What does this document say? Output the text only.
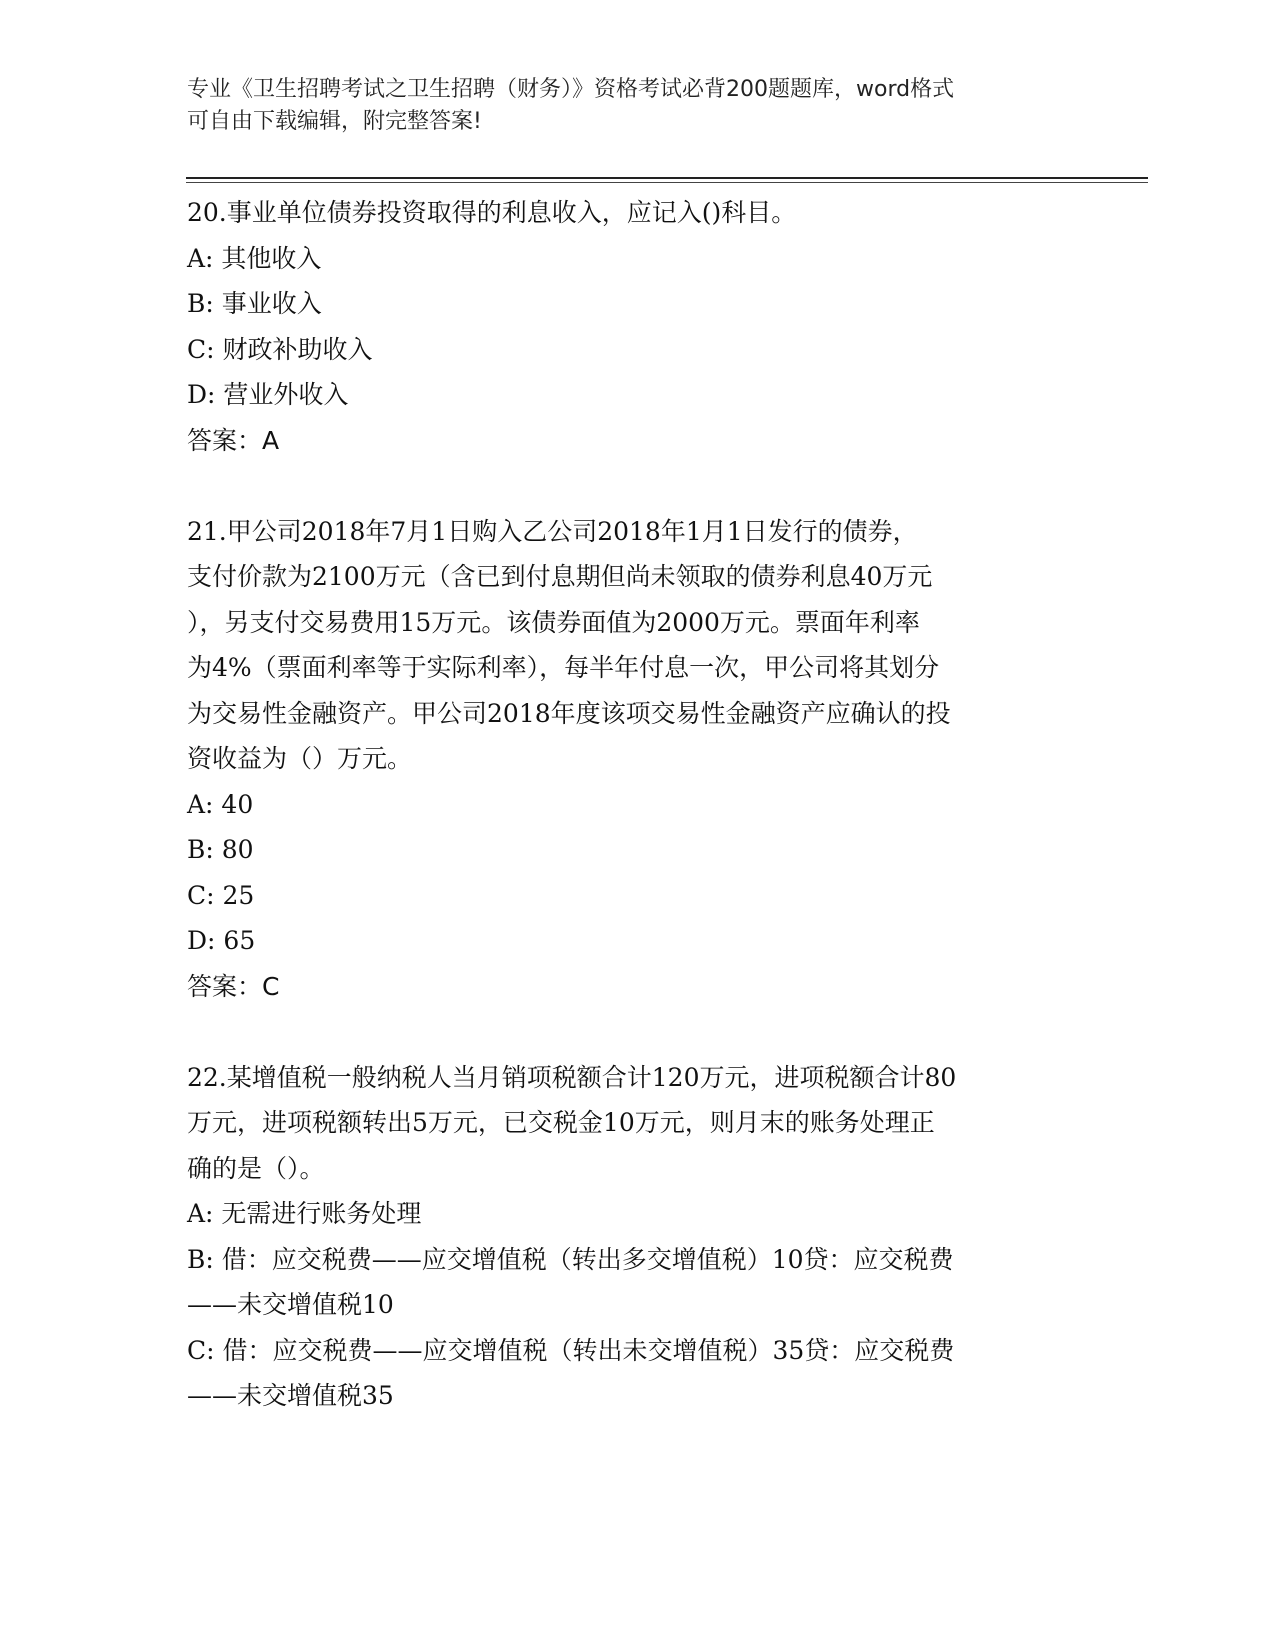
专业《卫生招聘考试之卫生招聘（财务）》资格考试必背200题题库，word格式
可自由下载编辑，附完整答案!
20.事业单位债券投资取得的利息收入，应记入()科目。
A: 其他收入
B: 事业收入
C: 财政补助收入
D: 营业外收入
答案：A
21.甲公司2018年7月1日购入乙公司2018年1月1日发行的债券，
支付价款为2100万元（含已到付息期但尚未领取的债券利息40万元
），另支付交易费用15万元。该债券面值为2000万元。票面年利率
为4%（票面利率等于实际利率），每半年付息一次，甲公司将其划分
为交易性金融资产。甲公司2018年度该项交易性金融资产应确认的投
资收益为（）万元。
A: 40
B: 80
C: 25
D: 65
答案：C
22.某增值税一般纳税人当月销项税额合计120万元，进项税额合计80
万元，进项税额转出5万元，已交税金10万元，则月末的账务处理正
确的是（）。
A: 无需进行账务处理
B: 借：应交税费——应交增值税（转出多交增值税）10贷：应交税费
——未交增值税10
C: 借：应交税费——应交增值税（转出未交增值税）35贷：应交税费
——未交增值税35
